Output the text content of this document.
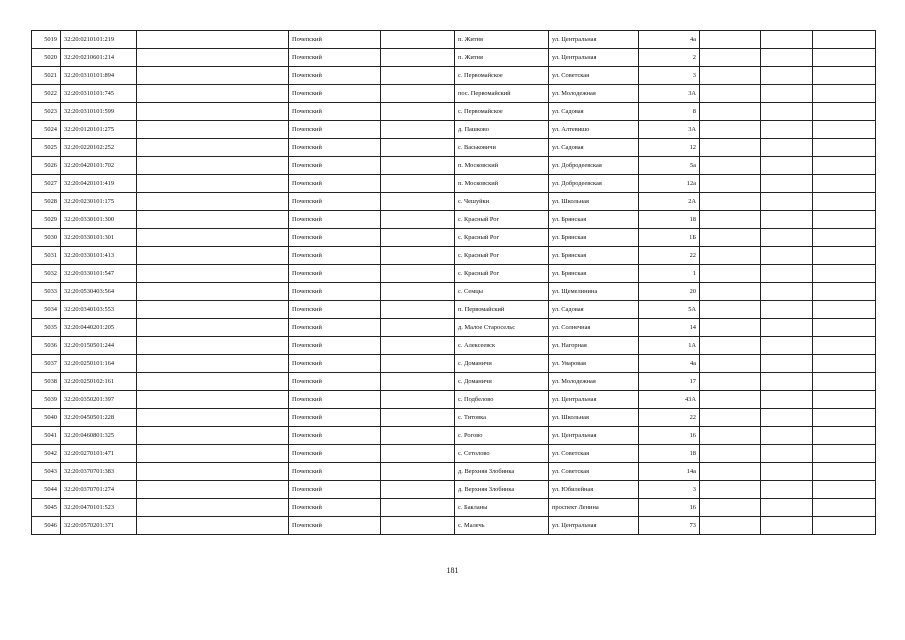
5019	32:20:0210101:219		Почепский		п. Житня	ул. Центральная	4а			
5020	32:20:0210601:214		Почепский		п. Житня	ул. Центральная	2			
5021	32:20:0310101:894		Почепский		с. Первомайское	ул. Советская	3			
5022	32:20:0310101:745		Почепский		пос. Первомайский	ул. Молодежная	3А			
5023	32:20:0310101:599		Почепский		с. Первомайское	ул. Садовая	8			
5024	32:20:0120101:275		Почепский		д. Пашково	ул. Алтевишо	3А			
5025	32:20:0220102:252		Почепский		с. Васьковичи	ул. Садовая	12			
5026	32:20:0420101:702		Почепский		п. Московский	ул. Добродеевская	5а			
5027	32:20:0420101:419		Почепский		п. Московский	ул. Добродеевская	12а			
5028	32:20:0230101:175		Почепский		с. Чешуйки	ул. Школьная	2А			
5029	32:20:0330101:300		Почепский		с. Красный Рог	ул. Брянская	18			
5030	32:20:0330101:301		Почепский		с. Красный Рог	ул. Брянская	1Б			
5031	32:20:0330101:413		Почепский		с. Красный Рог	ул. Брянская	22			
5032	32:20:0330101:547		Почепский		с. Красный Рог	ул. Брянская	1			
5033	32:20:0530403:564		Почепский		с. Семцы	ул. Щемелинина	20			
5034	32:20:0340103:553		Почепский		п. Первомайский	ул. Садовая	5А			
5035	32:20:0440201:205		Почепский		д. Малое Старосельс	ул. Солнечная	14			
5036	32:20:0150501:244		Почепский		с. Алексеевск	ул. Нагорная	1А			
5037	32:20:0250101:164		Почепский		с. Доманичи	ул. Уваровая	4а			
5038	32:20:0250102:161		Почепский		с. Доманичи	ул. Молодежная	17			
5039	32:20:0350201:397		Почепский		с. Подбелово	ул. Центральная	43А			
5040	32:20:0450501:228		Почепский		с. Титовка	ул. Школьная	22			
5041	32:20:0460801:325		Почепский		с. Рогово	ул. Центральная	16			
5042	32:20:0270101:471		Почепский		с. Сетолово	ул. Советская	18			
5043	32:20:0370701:383		Почепский		д. Верхняя Злобинка	ул. Советская	14а			
5044	32:20:0370701:274		Почепский		д. Верхняя Злобинка	ул. Юбилейная	3			
5045	32:20:0470101:523		Почепский		с. Бакланы	проспект Ленина	16			
5046	32:20:0570201:371		Почепский		с. Малечь	ул. Центральная	73			
181
